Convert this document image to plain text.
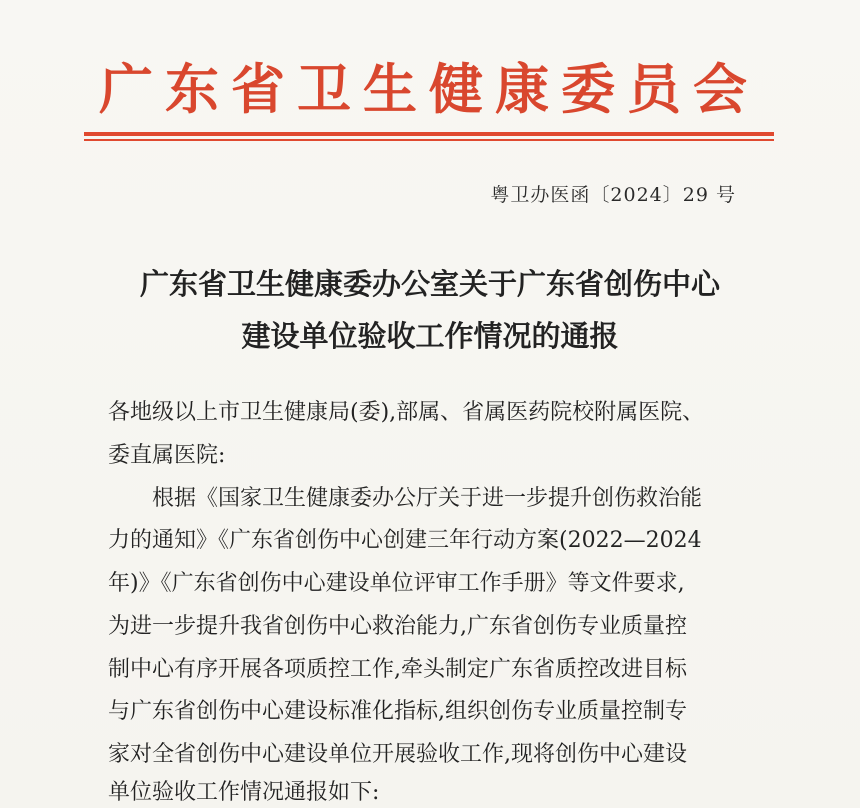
广东省卫生健康委员会
粤卫办医函〔2024〕29 号
广东省卫生健康委办公室关于广东省创伤中心
建设单位验收工作情况的通报
各地级以上市卫生健康局(委),部属、省属医药院校附属医院、
委直属医院:
根据《国家卫生健康委办公厅关于进一步提升创伤救治能
力的通知》《广东省创伤中心创建三年行动方案(2022—2024
年)》《广东省创伤中心建设单位评审工作手册》等文件要求,
为进一步提升我省创伤中心救治能力,广东省创伤专业质量控
制中心有序开展各项质控工作,牵头制定广东省质控改进目标
与广东省创伤中心建设标准化指标,组织创伤专业质量控制专
家对全省创伤中心建设单位开展验收工作,现将创伤中心建设
单位验收工作情况通报如下:
